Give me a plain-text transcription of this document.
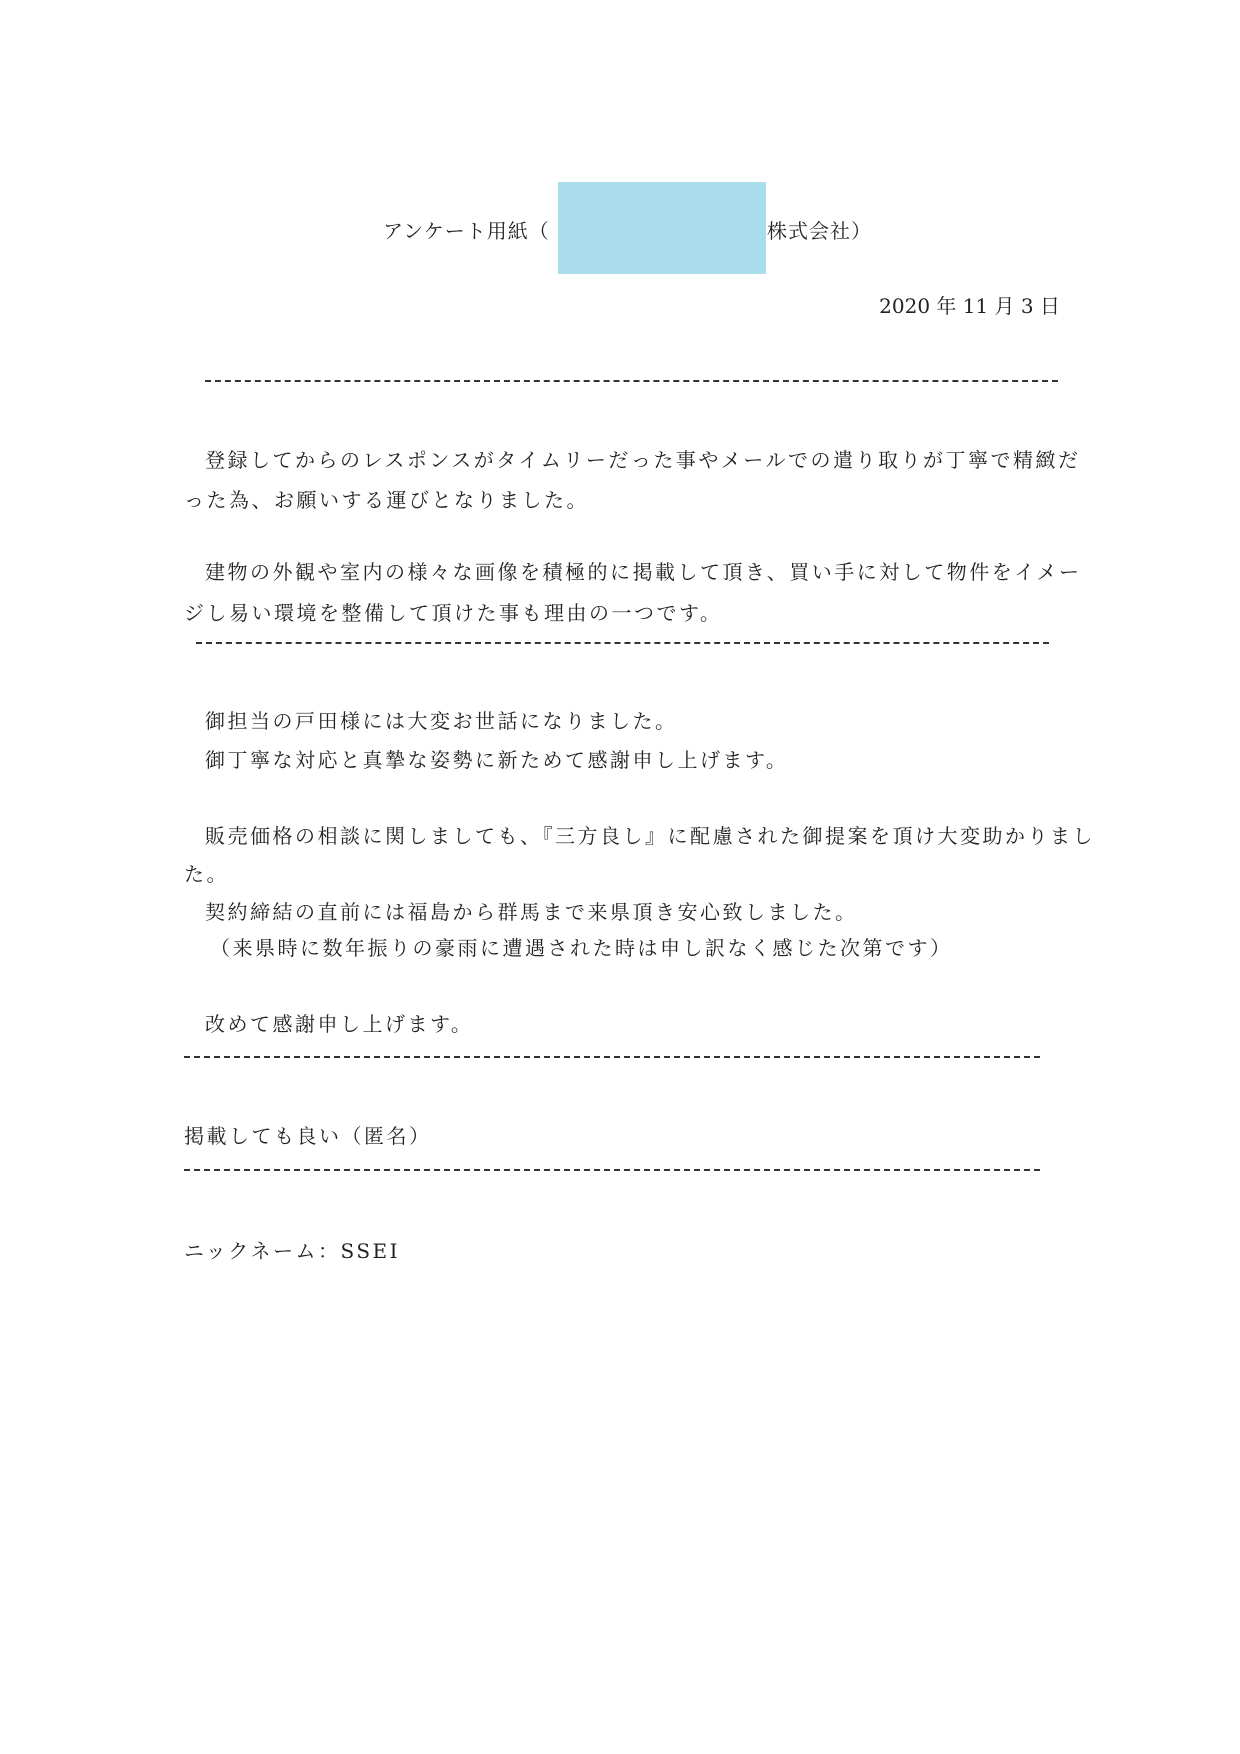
アンケート用紙（	株式会社）
2020 年 11 月 3 日
登録してからのレスポンスがタイムリーだった事やメールでの遣り取りが丁寧で精緻だ
った為、お願いする運びとなりました。
建物の外観や室内の様々な画像を積極的に掲載して頂き、買い手に対して物件をイメー
ジし易い環境を整備して頂けた事も理由の一つです。
御担当の戸田様には大変お世話になりました。
御丁寧な対応と真摯な姿勢に新ためて感謝申し上げます。
販売価格の相談に関しましても、『三方良し』に配慮された御提案を頂け大変助かりまし
た。
契約締結の直前には福島から群馬まで来県頂き安心致しました。
（来県時に数年振りの豪雨に遭遇された時は申し訳なく感じた次第です）
改めて感謝申し上げます。
掲載しても良い（匿名）
ニックネーム：SSEI
